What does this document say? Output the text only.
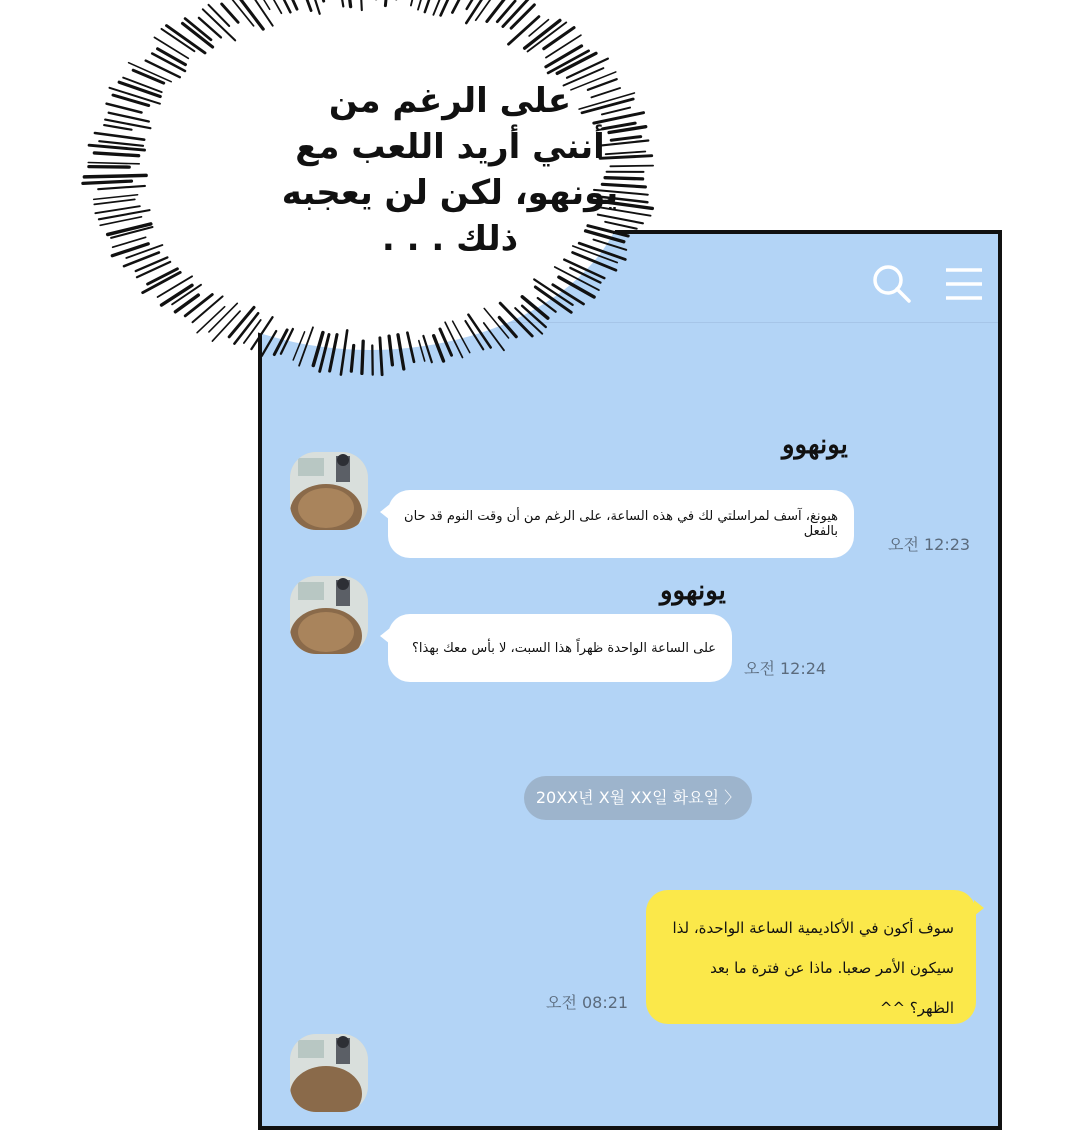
يونهوو
هيونغ، آسف لمراسلتي لك في هذه الساعة، على الرغم من أن وقت النوم قد حان بالفعل
오전 12:23
يونهوو
على الساعة الواحدة ظهراً هذا السبت، لا بأس معك بهذا؟
오전 12:24
20XX년 X월 XX일 화요일 〉
오전 08:21
سوف أكون في الأكاديمية الساعة الواحدة، لذا
سيكون الأمر صعبا. ماذا عن فترة ما بعد الظهر؟ ^^
على الرغم من
أنني أريد اللعب مع
يونهو، لكن لن يعجبه
ذلك . . .
